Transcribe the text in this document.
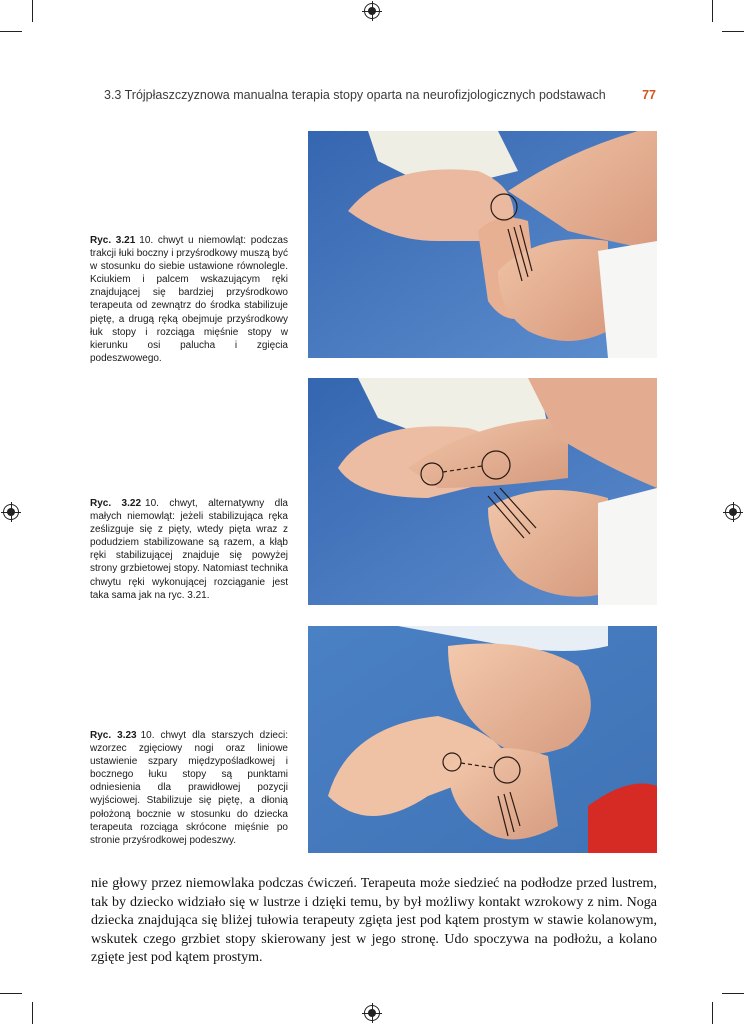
3.3 Trójpłaszczyznowa manualna terapia stopy oparta na neurofizjologicznych podstawach	77
Ryc. 3.21 10. chwyt u niemowląt: podczas trakcji łuki boczny i przyśrodkowy muszą być w stosunku do siebie ustawione równolegle. Kciukiem i palcem wskazującym ręki znajdującej się bardziej przyśrodkowo terapeuta od zewnątrz do środka stabilizuje piętę, a drugą ręką obejmuje przyśrodkowy łuk stopy i rozciąga mięśnie stopy w kierunku osi palucha i zgięcia podeszwowego.
Ryc. 3.22 10. chwyt, alternatywny dla małych niemowląt: jeżeli stabilizująca ręka ześlizguje się z pięty, wtedy pięta wraz z podudziem stabilizowane są razem, a kłąb ręki stabilizującej znajduje się powyżej strony grzbietowej stopy. Natomiast technika chwytu ręki wykonującej rozciąganie jest taka sama jak na ryc. 3.21.
Ryc. 3.23 10. chwyt dla starszych dzieci: wzorzec zgięciowy nogi oraz liniowe ustawienie szpary międzypośladkowej i bocznego łuku stopy są punktami odniesienia dla prawidłowej pozycji wyjściowej. Stabilizuje się piętę, a dłonią położoną bocznie w stosunku do dziecka terapeuta rozciąga skrócone mięśnie po stronie przyśrodkowej podeszwy.
nie głowy przez niemowlaka podczas ćwiczeń. Terapeuta może siedzieć na podłodze przed lustrem, tak by dziecko widziało się w lustrze i dzięki temu, by był możliwy kontakt wzrokowy z nim. Noga dziecka znajdująca się bliżej tułowia terapeuty zgięta jest pod kątem prostym w stawie kolanowym, wskutek czego grzbiet stopy skierowany jest w jego stronę. Udo spoczywa na podłożu, a kolano zgięte jest pod kątem prostym.
